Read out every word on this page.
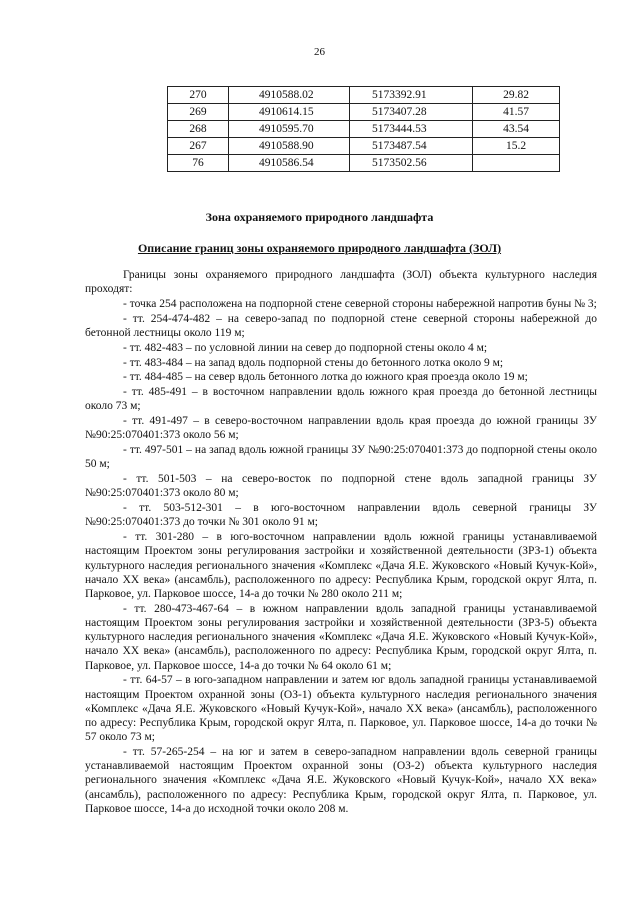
26
270	4910588.02	5173392.91	29.82
269	4910614.15	5173407.28	41.57
268	4910595.70	5173444.53	43.54
267	4910588.90	5173487.54	15.2
76	4910586.54	5173502.56	
Зона охраняемого природного ландшафта
Описание границ зоны охраняемого природного ландшафта (ЗОЛ)

Границы зоны охраняемого природного ландшафта (ЗОЛ) объекта культурного наследия проходят:

- точка 254 расположена на подпорной стене северной стороны набережной напротив буны № 3;

- тт. 254-474-482 – на северо-запад по подпорной стене северной стороны набережной до бетонной лестницы около 119 м;

- тт. 482-483 – по условной линии на север до подпорной стены около 4 м;

- тт. 483-484 – на запад вдоль подпорной стены до бетонного лотка около 9 м;

- тт. 484-485 – на север вдоль бетонного лотка до южного края проезда около 19 м;

- тт. 485-491 – в восточном направлении вдоль южного края проезда до бетонной лестницы около 73 м;

- тт. 491-497 – в северо-восточном направлении вдоль края проезда до южной границы ЗУ №90:25:070401:373 около 56 м;

- тт. 497-501 – на запад вдоль южной границы ЗУ №90:25:070401:373 до подпорной стены около 50 м;

- тт. 501-503 – на северо-восток по подпорной стене вдоль западной границы ЗУ №90:25:070401:373 около 80 м;

- тт. 503-512-301 – в юго-восточном направлении вдоль северной границы ЗУ №90:25:070401:373 до точки № 301 около 91 м;

- тт. 301-280 – в юго-восточном направлении вдоль южной границы устанавливаемой настоящим Проектом зоны регулирования застройки и хозяйственной деятельности (ЗРЗ-1) объекта культурного наследия регионального значения «Комплекс «Дача Я.Е. Жуковского «Новый Кучук-Кой», начало XX века» (ансамбль), расположенного по адресу: Республика Крым, городской округ Ялта, п. Парковое, ул. Парковое шоссе, 14-а до точки № 280 около 211 м;

- тт. 280-473-467-64 – в южном направлении вдоль западной границы устанавливаемой настоящим Проектом зоны регулирования застройки и хозяйственной деятельности (ЗРЗ-5) объекта культурного наследия регионального значения «Комплекс «Дача Я.Е. Жуковского «Новый Кучук-Кой», начало XX века» (ансамбль), расположенного по адресу: Республика Крым, городской округ Ялта, п. Парковое, ул. Парковое шоссе, 14-а до точки № 64 около 61 м;

- тт. 64-57 – в юго-западном направлении и затем юг вдоль западной границы устанавливаемой настоящим Проектом охранной зоны (ОЗ-1) объекта культурного наследия регионального значения «Комплекс «Дача Я.Е. Жуковского «Новый Кучук-Кой», начало XX века» (ансамбль), расположенного по адресу: Республика Крым, городской округ Ялта, п. Парковое, ул. Парковое шоссе, 14-а до точки № 57 около 73 м;

- тт. 57-265-254 – на юг и затем в северо-западном направлении вдоль северной границы устанавливаемой настоящим Проектом охранной зоны (ОЗ-2) объекта культурного наследия регионального значения «Комплекс «Дача Я.Е. Жуковского «Новый Кучук-Кой», начало XX века» (ансамбль), расположенного по адресу: Республика Крым, городской округ Ялта, п. Парковое, ул. Парковое шоссе, 14-а до исходной точки около 208 м.
